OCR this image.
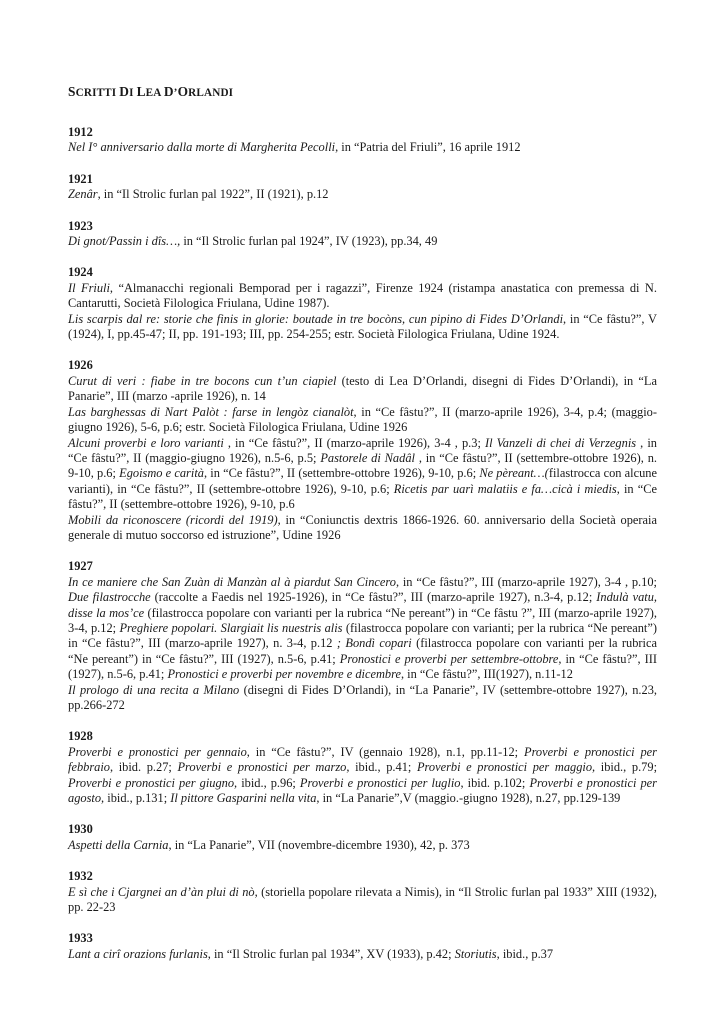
SCRITTI DI LEA D’ORLANDI

1912

Nel I° anniversario dalla morte di Margherita Pecolli, in “Patria del Friuli”, 16 aprile 1912

1921

Zenâr, in “Il Strolic furlan pal 1922”, II (1921), p.12

1923

Di gnot/Passin i dîs…, in “Il Strolic furlan pal 1924”, IV (1923), pp.34, 49

1924

Il Friuli, “Almanacchi regionali Bemporad per i ragazzi”, Firenze 1924 (ristampa anastatica con premessa di N. Cantarutti, Società Filologica Friulana, Udine 1987).

Lis scarpis dal re: storie che finis in glorie: boutade in tre bocòns, cun pipino di Fides D’Orlandi, in “Ce fâstu?”, V (1924), I, pp.45-47; II, pp. 191-193; III, pp. 254-255; estr. Società Filologica Friulana, Udine 1924.

1926

Curut di veri : fiabe in tre bocons cun t’un ciapiel (testo di Lea D’Orlandi, disegni di Fides D’Orlandi), in “La Panarie”, III (marzo -aprile 1926), n. 14

Las barghessas di Nart Palòt : farse in lengòz cianalòt, in “Ce fâstu?”, II (marzo-aprile 1926), 3-4, p.4; (maggio-giugno 1926), 5-6, p.6; estr. Società Filologica Friulana, Udine 1926

Alcuni proverbi e loro varianti , in “Ce fâstu?”, II (marzo-aprile 1926), 3-4 , p.3; Il Vanzeli di chei di Verzegnis , in “Ce fâstu?”, II (maggio-giugno 1926), n.5-6, p.5; Pastorele di Nadâl , in “Ce fâstu?”, II (settembre-ottobre 1926), n. 9-10, p.6; Egoismo e carità, in “Ce fâstu?”, II (settembre-ottobre 1926), 9-10, p.6; Ne pèreant…(filastrocca con alcune varianti), in “Ce fâstu?”, II (settembre-ottobre 1926), 9-10, p.6; Ricetis par uarì malatiis e fa…cicà i miedis, in “Ce fâstu?”, II (settembre-ottobre 1926), 9-10, p.6

Mobili da riconoscere (ricordi del 1919), in “Coniunctis dextris 1866-1926. 60. anniversario della Società operaia generale di mutuo soccorso ed istruzione”, Udine 1926

1927

In ce maniere che San Zuàn di Manzàn al à piardut San Cincero, in “Ce fâstu?”, III (marzo-aprile 1927), 3-4 , p.10; Due filastrocche (raccolte a Faedis nel 1925-1926), in “Ce fâstu?”, III (marzo-aprile 1927), n.3-4, p.12; Indulà vatu, disse la mos’ce (filastrocca popolare con varianti per la rubrica “Ne pereant”) in “Ce fâstu ?”, III (marzo-aprile 1927), 3-4, p.12; Preghiere popolari. Slargiait lis nuestris alis (filastrocca popolare con varianti; per la rubrica “Ne pereant”) in “Ce fâstu?”, III (marzo-aprile 1927), n. 3-4, p.12 ; Bondì copari (filastrocca popolare con varianti per la rubrica “Ne pereant”) in “Ce fâstu?”, III (1927), n.5-6, p.41; Pronostici e proverbi per settembre-ottobre, in “Ce fâstu?”, III (1927), n.5-6, p.41; Pronostici e proverbi per novembre e dicembre, in “Ce fâstu?”, III(1927), n.11-12

Il prologo di una recita a Milano (disegni di Fides D’Orlandi), in “La Panarie”, IV (settembre-ottobre 1927), n.23, pp.266-272

1928

Proverbi e pronostici per gennaio, in “Ce fâstu?”, IV (gennaio 1928), n.1, pp.11-12; Proverbi e pronostici per febbraio, ibid. p.27; Proverbi e pronostici per marzo, ibid., p.41; Proverbi e pronostici per maggio, ibid., p.79; Proverbi e pronostici per giugno, ibid., p.96; Proverbi e pronostici per luglio, ibid. p.102; Proverbi e pronostici per agosto, ibid., p.131; Il pittore Gasparini nella vita, in “La Panarie”,V (maggio.-giugno 1928), n.27, pp.129-139

1930

Aspetti della Carnia, in “La Panarie”, VII (novembre-dicembre 1930), 42, p. 373

1932

E sì che i Cjargnei an d’àn plui di nò, (storiella popolare rilevata a Nimis), in “Il Strolic furlan pal 1933” XIII (1932), pp. 22-23

1933

Lant a cirî orazions furlanis, in “Il Strolic furlan pal 1934”, XV (1933), p.42; Storiutis, ibid., p.37
